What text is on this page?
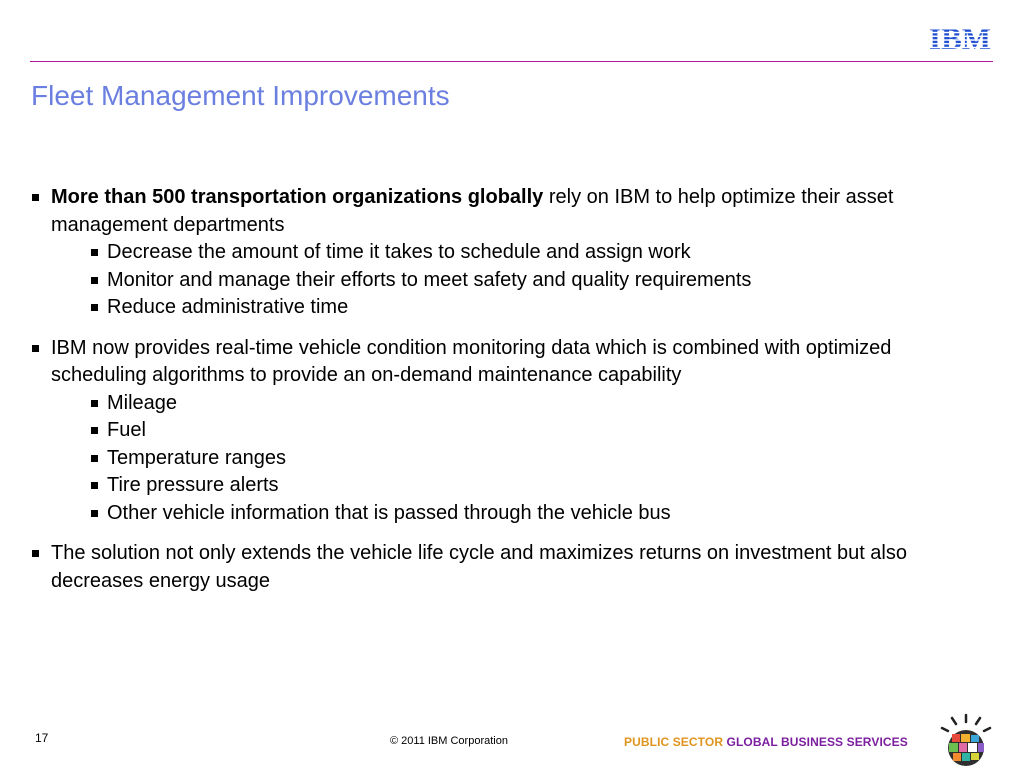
IBM
Fleet Management Improvements
More than 500 transportation organizations globally rely on IBM to help optimize their asset management departments
Decrease the amount of time it takes to schedule and assign work
Monitor and manage their efforts to meet safety and quality requirements
Reduce administrative time
IBM now provides real-time vehicle condition monitoring data which is combined with optimized scheduling algorithms to provide an on-demand maintenance capability
Mileage
Fuel
Temperature ranges
Tire pressure alerts
Other vehicle information that is passed through the vehicle bus
The solution not only extends the vehicle life cycle and maximizes returns on investment but also decreases energy usage
17	© 2011 IBM Corporation	PUBLIC SECTOR GLOBAL BUSINESS SERVICES
